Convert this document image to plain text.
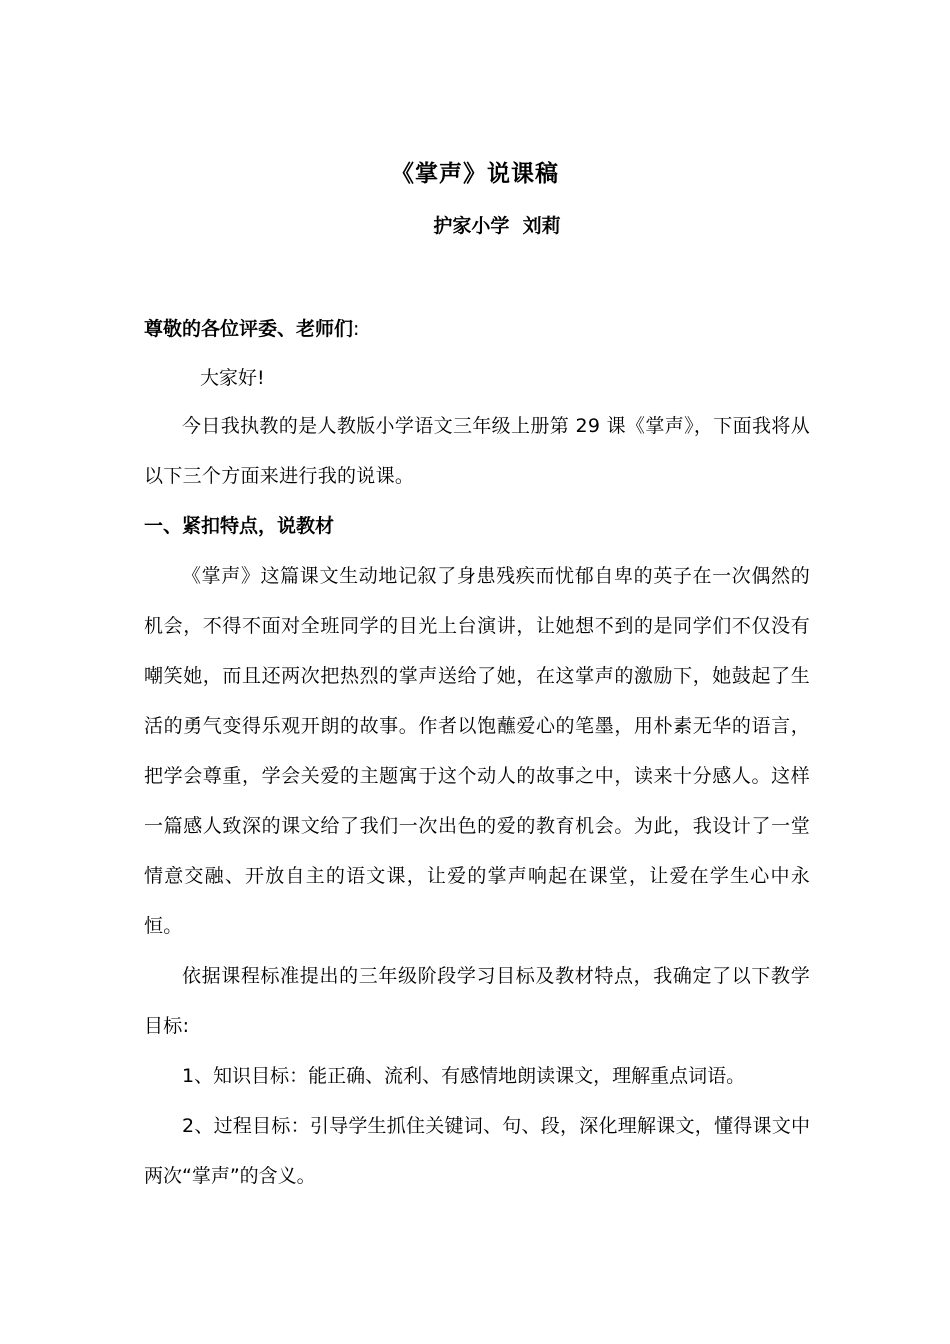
《掌声》说课稿
护家小学  刘莉
尊敬的各位评委、老师们:
大家好!

今日我执教的是人教版小学语文三年级上册第 29 课《掌声》，下面我将从以下三个方面来进行我的说课。

一、紧扣特点，说教材

《掌声》这篇课文生动地记叙了身患残疾而忧郁自卑的英子在一次偶然的机会，不得不面对全班同学的目光上台演讲，让她想不到的是同学们不仅没有嘲笑她，而且还两次把热烈的掌声送给了她，在这掌声的激励下，她鼓起了生活的勇气变得乐观开朗的故事。作者以饱蘸爱心的笔墨，用朴素无华的语言，把学会尊重，学会关爱的主题寓于这个动人的故事之中，读来十分感人。这样一篇感人致深的课文给了我们一次出色的爱的教育机会。为此，我设计了一堂情意交融、开放自主的语文课，让爱的掌声响起在课堂，让爱在学生心中永恒。

依据课程标准提出的三年级阶段学习目标及教材特点，我确定了以下教学目标:

1、知识目标：能正确、流利、有感情地朗读课文，理解重点词语。

2、过程目标：引导学生抓住关键词、句、段，深化理解课文，懂得课文中两次“掌声”的含义。
